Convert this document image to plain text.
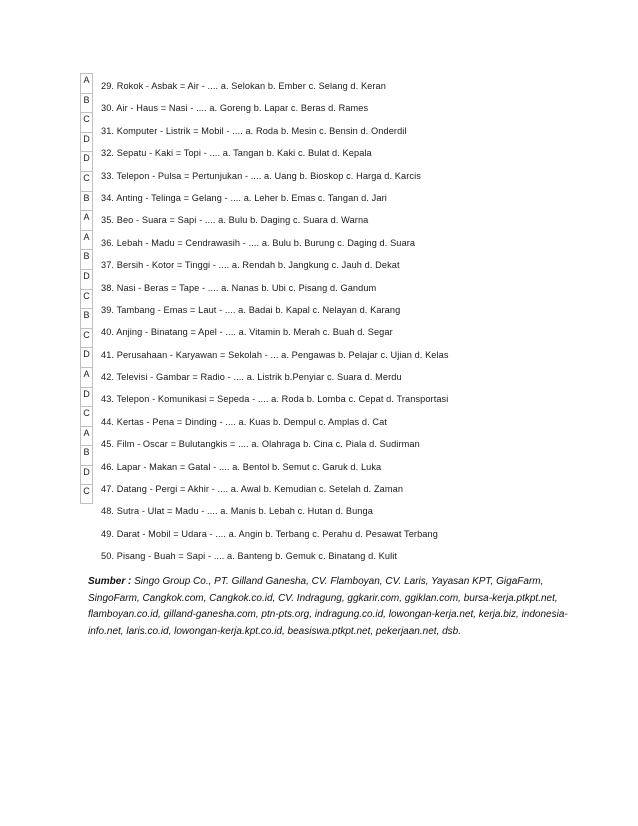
A
B
C
D
D
C
B
A
A
B
D
C
B
C
D
A
D
C
A
B
D
C
29. Rokok - Asbak = Air - .... a. Selokan b. Ember c. Selang d. Keran
30. Air - Haus = Nasi - .... a. Goreng b. Lapar c. Beras d. Rames
31. Komputer - Listrik = Mobil - .... a. Roda b. Mesin c. Bensin d. Onderdil
32. Sepatu - Kaki = Topi - .... a. Tangan b. Kaki c. Bulat d. Kepala
33. Telepon - Pulsa = Pertunjukan - .... a. Uang b. Bioskop c. Harga d. Karcis
34. Anting - Telinga = Gelang - .... a. Leher b. Emas c. Tangan d. Jari
35. Beo - Suara = Sapi - .... a. Bulu b. Daging c. Suara d. Warna
36. Lebah - Madu = Cendrawasih - .... a. Bulu b. Burung c. Daging d. Suara
37. Bersih - Kotor = Tinggi - .... a. Rendah b. Jangkung c. Jauh d. Dekat
38. Nasi - Beras = Tape - .... a. Nanas b. Ubi c. Pisang d. Gandum
39. Tambang - Emas = Laut - .... a. Badai b. Kapal c. Nelayan d. Karang
40. Anjing - Binatang = Apel - .... a. Vitamin b. Merah c. Buah d. Segar
41. Perusahaan - Karyawan = Sekolah - ... a. Pengawas b. Pelajar c. Ujian d. Kelas
42. Televisi - Gambar = Radio - .... a. Listrik b.Penyiar c. Suara d. Merdu
43. Telepon - Komunikasi = Sepeda - .... a. Roda b. Lomba c. Cepat d. Transportasi
44. Kertas - Pena = Dinding - .... a. Kuas b. Dempul c. Amplas d. Cat
45. Film - Oscar = Bulutangkis = .... a. Olahraga b. Cina c. Piala d. Sudirman
46. Lapar - Makan = Gatal - .... a. Bentol b. Semut c. Garuk d. Luka
47. Datang - Pergi = Akhir - .... a. Awal b. Kemudian c. Setelah d. Zaman
48. Sutra - Ulat = Madu - .... a. Manis b. Lebah c. Hutan d. Bunga
49. Darat - Mobil = Udara - .... a. Angin b. Terbang c. Perahu d. Pesawat Terbang
50. Pisang - Buah = Sapi - .... a. Banteng b. Gemuk c. Binatang d. Kulit
Sumber : Singo Group Co., PT. Gilland Ganesha, CV. Flamboyan, CV. Laris, Yayasan KPT, GigaFarm, SingoFarm, Cangkok.com, Cangkok.co.id, CV. Indragung, ggkarir.com, ggiklan.com, bursa-kerja.ptkpt.net, flamboyan.co.id, gilland-ganesha.com, ptn-pts.org, indragung.co.id, lowongan-kerja.net, kerja.biz, indonesia-info.net, laris.co.id, lowongan-kerja.kpt.co.id, beasiswa.ptkpt.net, pekerjaan.net, dsb.
